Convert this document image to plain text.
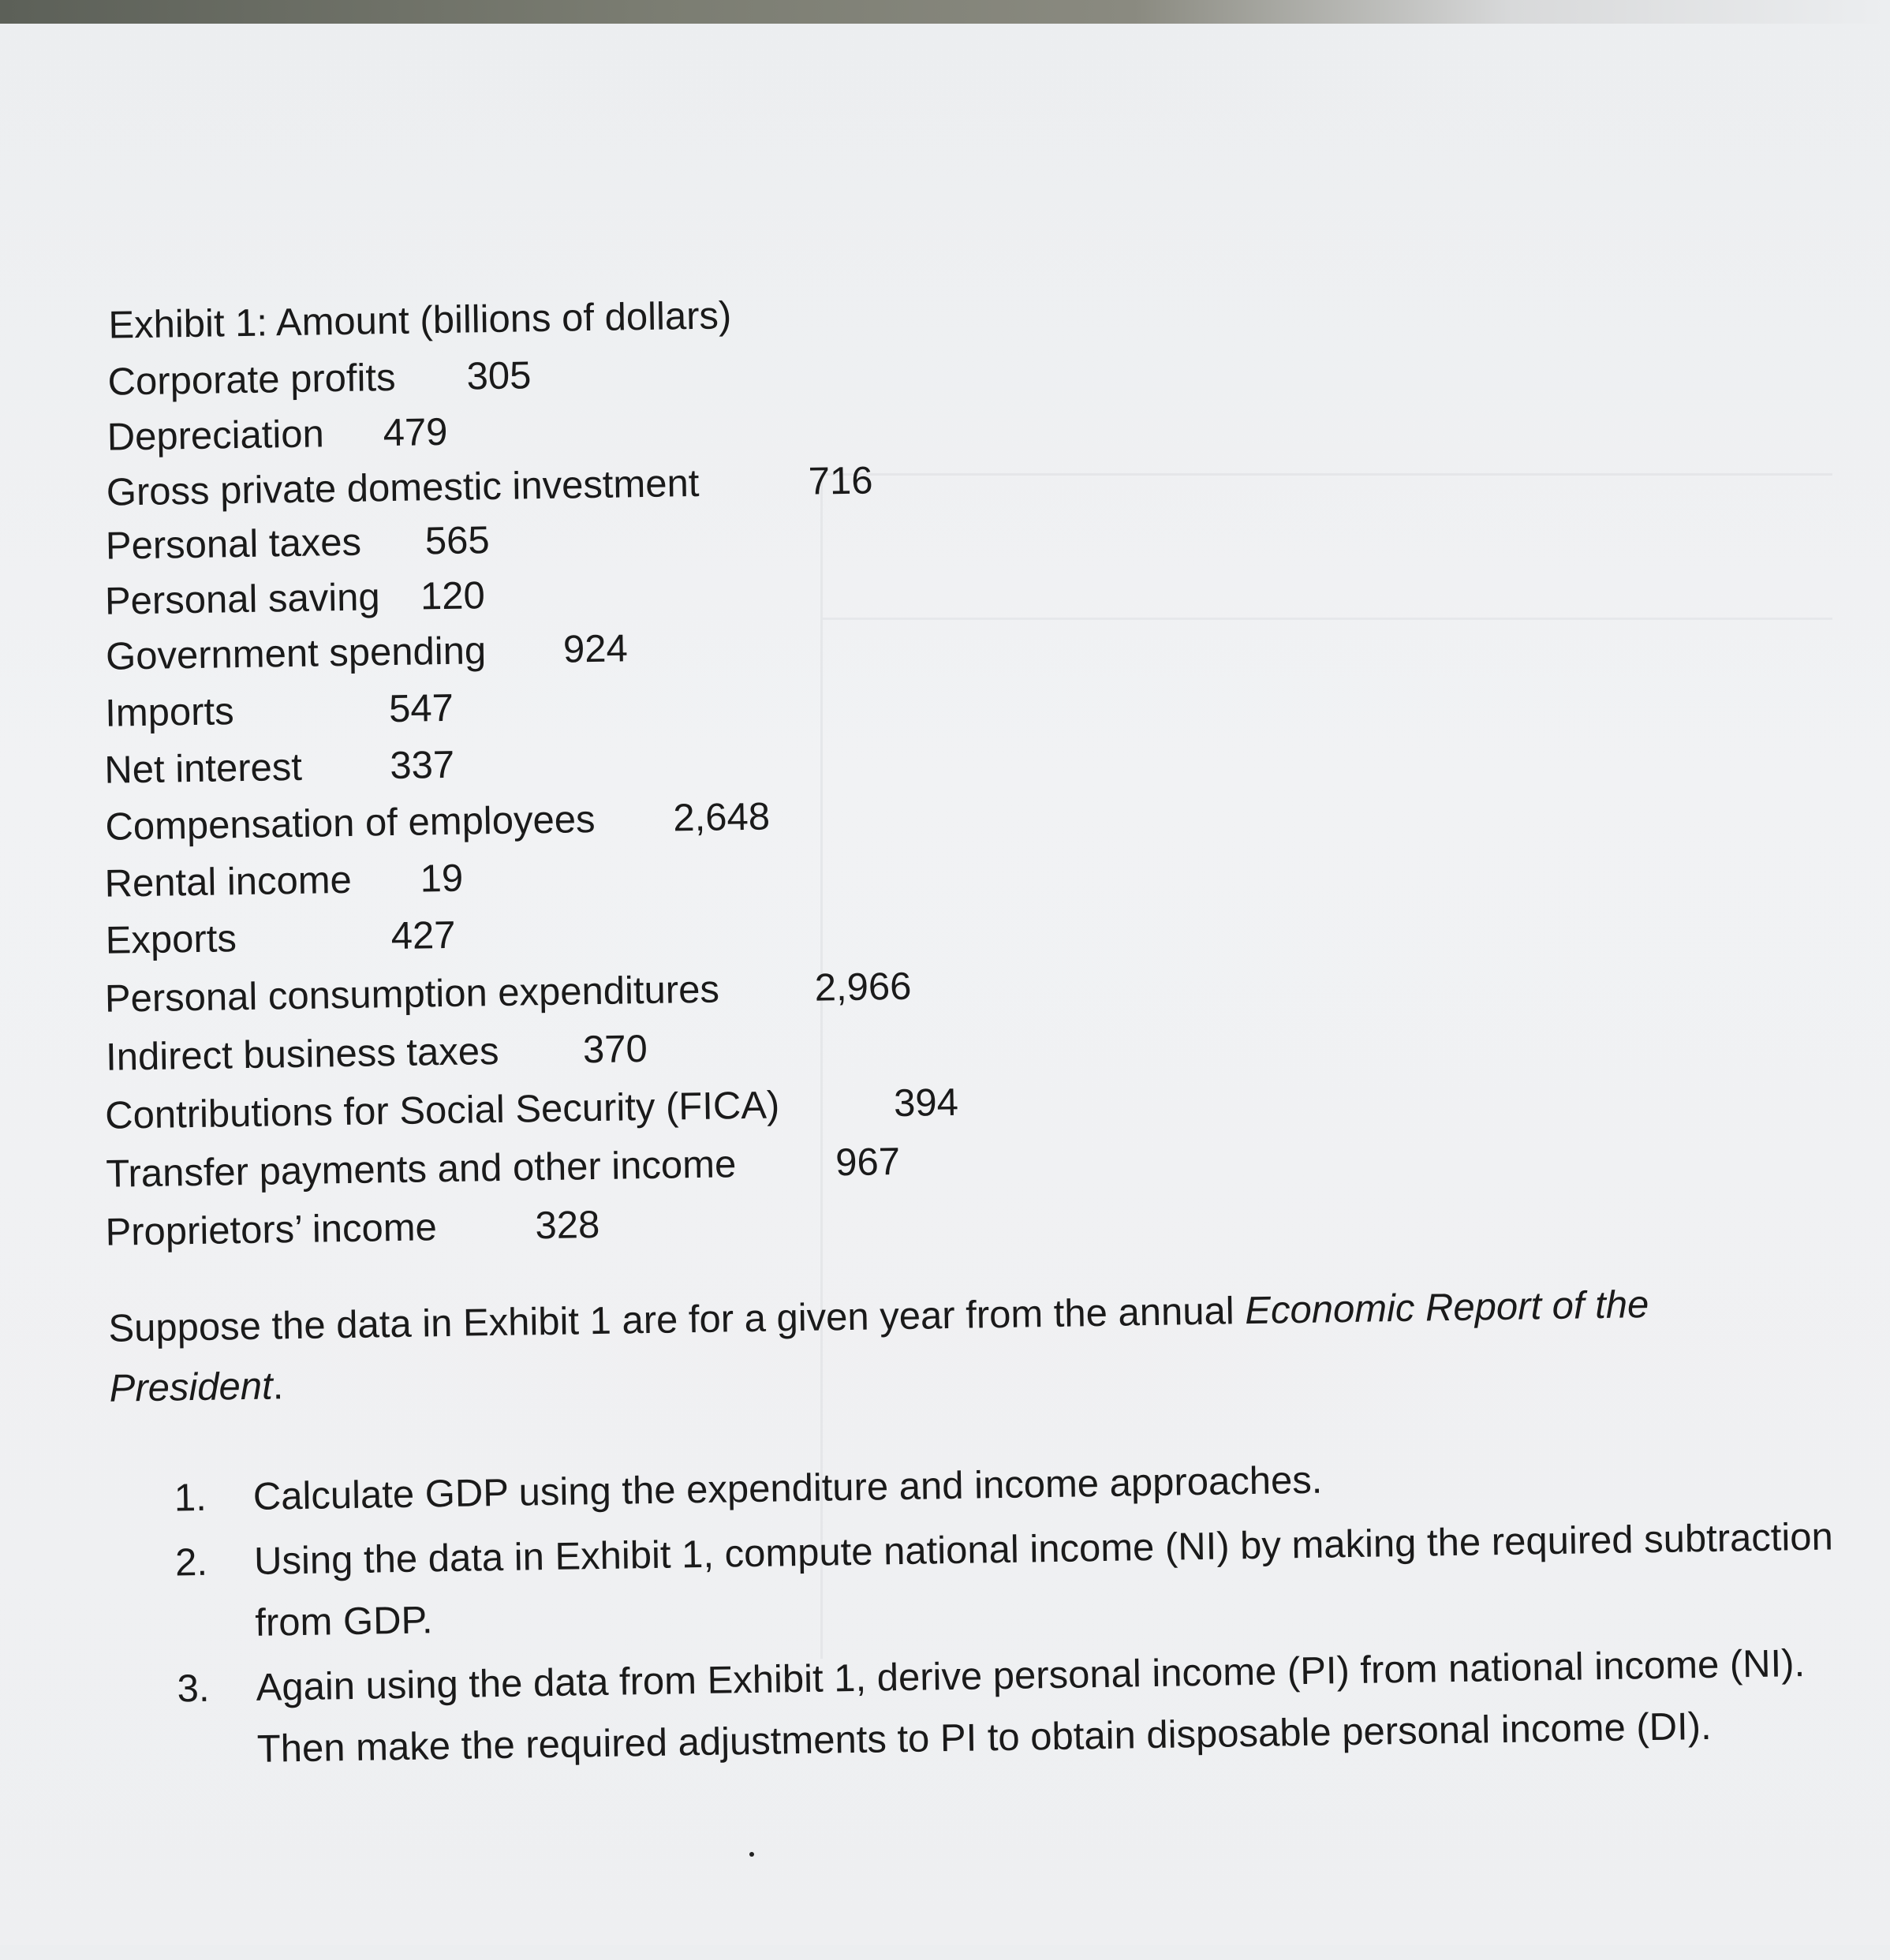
Exhibit 1: Amount (billions of dollars)
Corporate profits 305
Depreciation 479
Gross private domestic investment	716
Personal taxes 565
Personal saving 120
Government spending 924
Imports	547
Net interest 337
Compensation of employees 2,648
Rental income 19
Exports	427
Personal consumption expenditures 2,966
Indirect business taxes 370
Contributions for Social Security (FICA)	394
Transfer payments and other income	967
Proprietors’ income	328
Suppose the data in Exhibit 1 are for a given year from the annual Economic Report of the President.
1. Calculate GDP using the expenditure and income approaches.
2. Using the data in Exhibit 1, compute national income (NI) by making the required subtraction from GDP.
3. Again using the data from Exhibit 1, derive personal income (PI) from national income (NI). Then make the required adjustments to PI to obtain disposable personal income (DI).
